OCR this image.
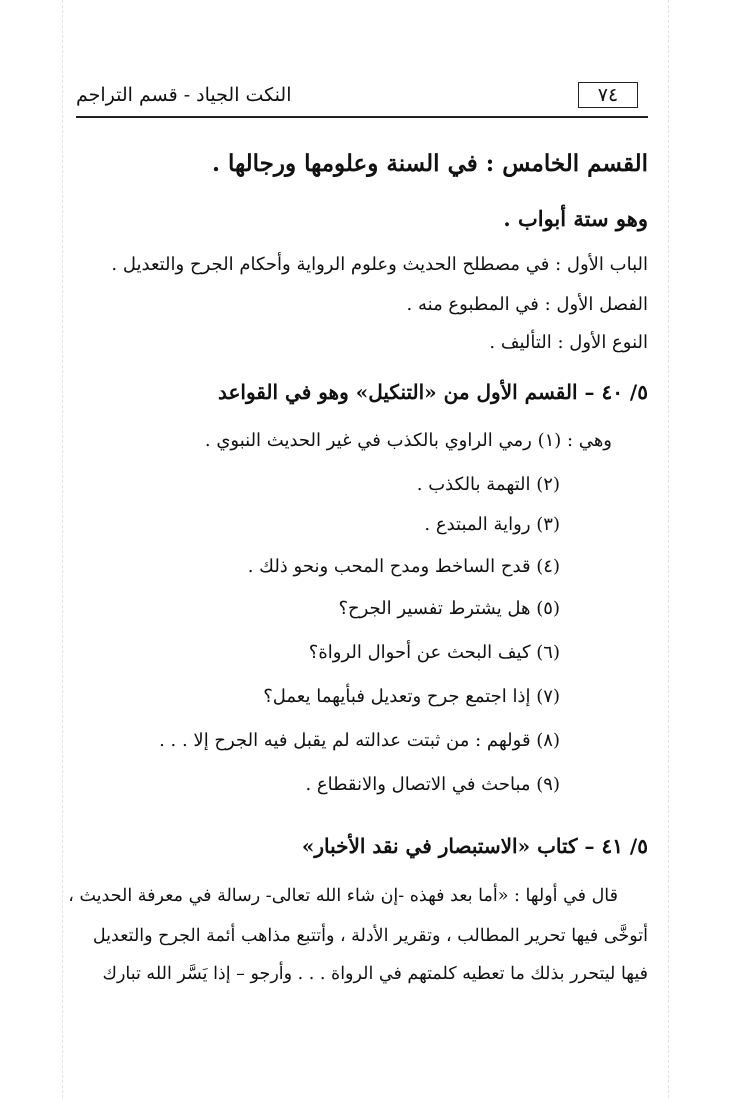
النكت الجياد - قسم التراجم	٧٤
القسم الخامس : في السنة وعلومها ورجالها .
وهو ستة أبواب .
الباب الأول : في مصطلح الحديث وعلوم الرواية وأحكام الجرح والتعديل .
الفصل الأول : في المطبوع منه .
النوع الأول : التأليف .
٥/ ٤٠ – القسم الأول من «التنكيل» وهو في القواعد
وهي : (١) رمي الراوي بالكذب في غير الحديث النبوي .
(٢) التهمة بالكذب .
(٣) رواية المبتدع .
(٤) قدح الساخط ومدح المحب ونحو ذلك .
(٥) هل يشترط تفسير الجرح؟
(٦) كيف البحث عن أحوال الرواة؟
(٧) إذا اجتمع جرح وتعديل فبأيهما يعمل؟
(٨) قولهم : من ثبتت عدالته لم يقبل فيه الجرح إلا . . .
(٩) مباحث في الاتصال والانقطاع .
٥/ ٤١ – كتاب «الاستبصار في نقد الأخبار»
قال في أولها : «أما بعد فهذه -إن شاء الله تعالى- رسالة في معرفة الحديث ،
أتوخَّى فيها تحرير المطالب ، وتقرير الأدلة ، وأتتبع مذاهب أئمة الجرح والتعديل
فيها ليتحرر بذلك ما تعطيه كلمتهم في الرواة . . . وأرجو – إذا يَسَّر الله تبارك
